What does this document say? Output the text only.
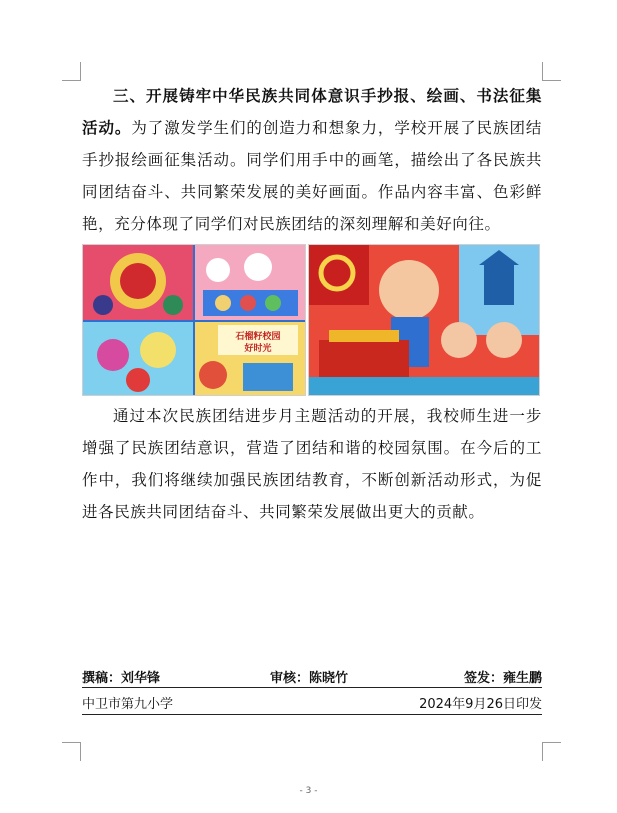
三、开展铸牢中华民族共同体意识手抄报、绘画、书法征集活动。为了激发学生们的创造力和想象力，学校开展了民族团结手抄报绘画征集活动。同学们用手中的画笔，描绘出了各民族共同团结奋斗、共同繁荣发展的美好画面。作品内容丰富、色彩鲜艳，充分体现了同学们对民族团结的深刻理解和美好向往。

石榴籽校园
好时光

通过本次民族团结进步月主题活动的开展，我校师生进一步增强了民族团结意识，营造了团结和谐的校园氛围。在今后的工作中，我们将继续加强民族团结教育，不断创新活动形式，为促进各民族共同团结奋斗、共同繁荣发展做出更大的贡献。

撰稿：刘华锋	审核：陈晓竹	签发：雍生鹏
中卫市第九小学	2024年9月26日印发
- 3 -
